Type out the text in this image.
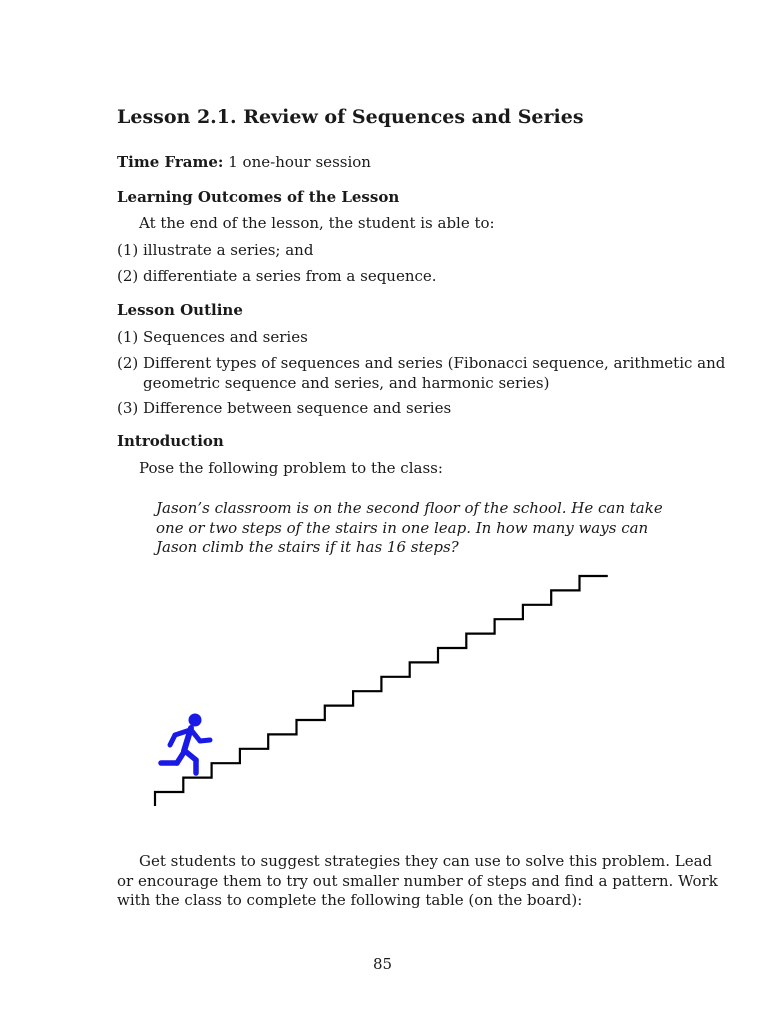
Lesson 2.1. Review of Sequences and Series
Time Frame: 1 one-hour session
Learning Outcomes of the Lesson
At the end of the lesson, the student is able to:
(1) illustrate a series; and
(2) differentiate a series from a sequence.
Lesson Outline
(1) Sequences and series
(2) Different types of sequences and series (Fibonacci sequence, arithmetic and
geometric sequence and series, and harmonic series)
(3) Difference between sequence and series
Introduction
Pose the following problem to the class:
Jason’s classroom is on the second floor of the school. He can take
one or two steps of the stairs in one leap. In how many ways can
Jason climb the stairs if it has 16 steps?
Get students to suggest strategies they can use to solve this problem. Lead
or encourage them to try out smaller number of steps and find a pattern. Work
with the class to complete the following table (on the board):
85
